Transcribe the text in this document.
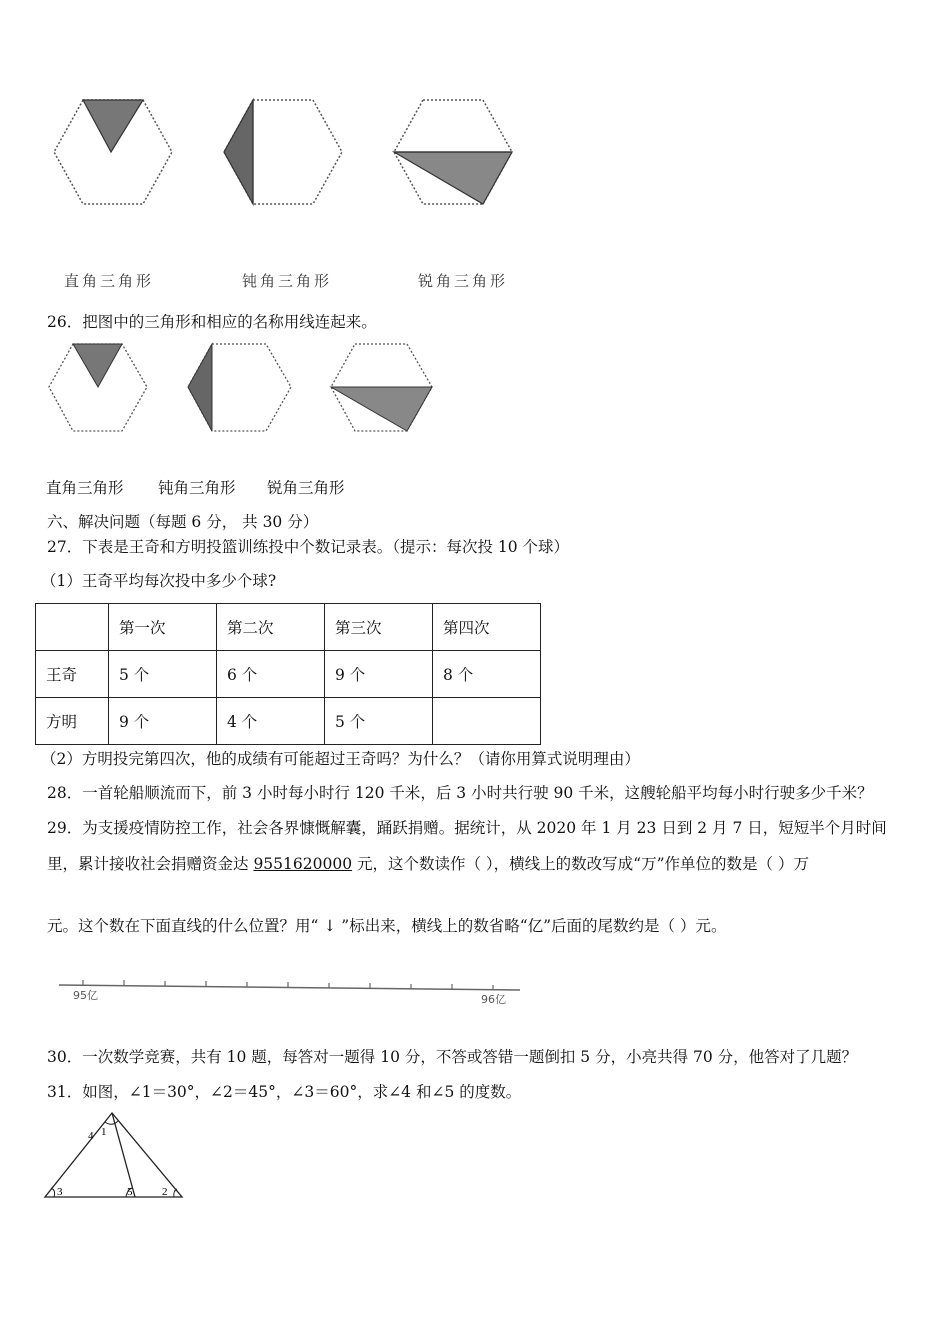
直角三角形	钝角三角形	锐角三角形
26．把图中的三角形和相应的名称用线连起来。
直角三角形 钝角三角形 锐角三角形
六、解决问题（每题 6 分， 共 30 分）
27．下表是王奇和方明投篮训练投中个数记录表。（提示：每次投 10 个球）
（1）王奇平均每次投中多少个球?
	第一次	第二次	第三次	第四次
王奇	5 个	6 个	9 个	8 个
方明	9 个	4 个	5 个	
（2）方明投完第四次，他的成绩有可能超过王奇吗？为什么？（请你用算式说明理由）
28．一首轮船顺流而下，前 3 小时每小时行 120 千米，后 3 小时共行驶 90 千米，这艘轮船平均每小时行驶多少千米？
29．为支援疫情防控工作，社会各界慷慨解囊，踊跃捐赠。据统计，从 2020 年 1 月 23 日到 2 月 7 日，短短半个月时间
里，累计接收社会捐赠资金达 9551620000 元，这个数读作（ ），横线上的数改写成“万”作单位的数是（ ）万
元。这个数在下面直线的什么位置？用“ ↓ ”标出来，横线上的数省略“亿”后面的尾数约是（ ）元。
95亿	96亿
30．一次数学竞赛，共有 10 题，每答对一题得 10 分，不答或答错一题倒扣 5 分，小亮共得 70 分，他答对了几题？
31．如图，∠1＝30°，∠2＝45°，∠3＝60°，求∠4 和∠5 的度数。
4 1
3	5	2
